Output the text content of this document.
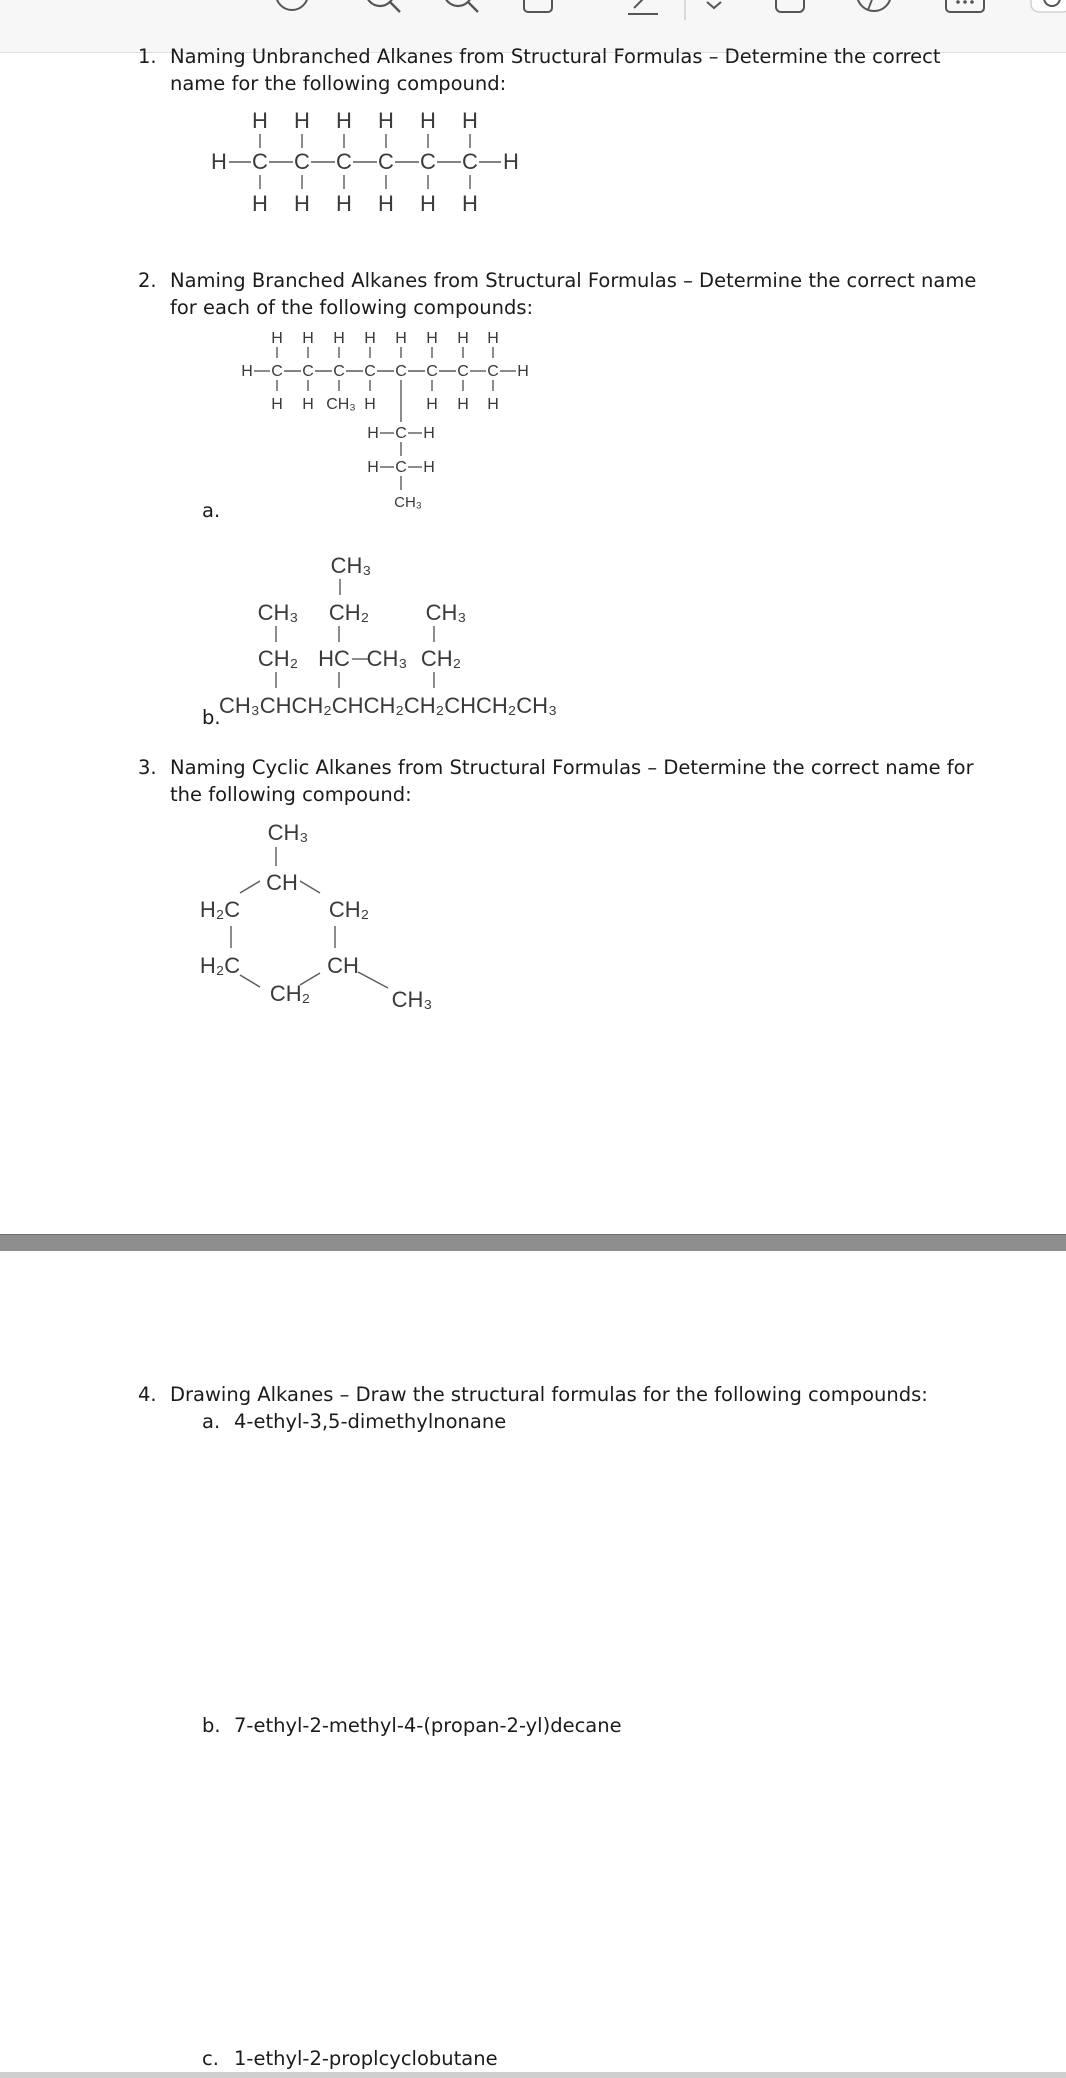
1. Naming Unbranched Alkanes from Structural Formulas – Determine the correct
name for the following compound:
H
C
H
H
C
H
H
C
H
H
C
H
H
C
H
H
C
H
H	H
2. Naming Branched Alkanes from Structural Formulas – Determine the correct name
for each of the following compounds:
a.
H
C
H
H
C
H
H
C
CH₃
H
C
H
H
C
H
C
H
H
C
H
H
C
H
H	H
C
H	H
C
H	H
CH₃
b.
CH₃
CH₃ CH₂	CH₃
CH₂ HC CH₃ CH₂
CH₃CHCH₂CHCH₂CH₂CHCH₂CH₃
3. Naming Cyclic Alkanes from Structural Formulas – Determine the correct name for
the following compound:
CH₃
CH
H₂C	CH₂
H₂C	CH
CH₂	CH₃
4. Drawing Alkanes – Draw the structural formulas for the following compounds:
a. 4-ethyl-3,5-dimethylnonane
b. 7-ethyl-2-methyl-4-(propan-2-yl)decane
c. 1-ethyl-2-proplcyclobutane
